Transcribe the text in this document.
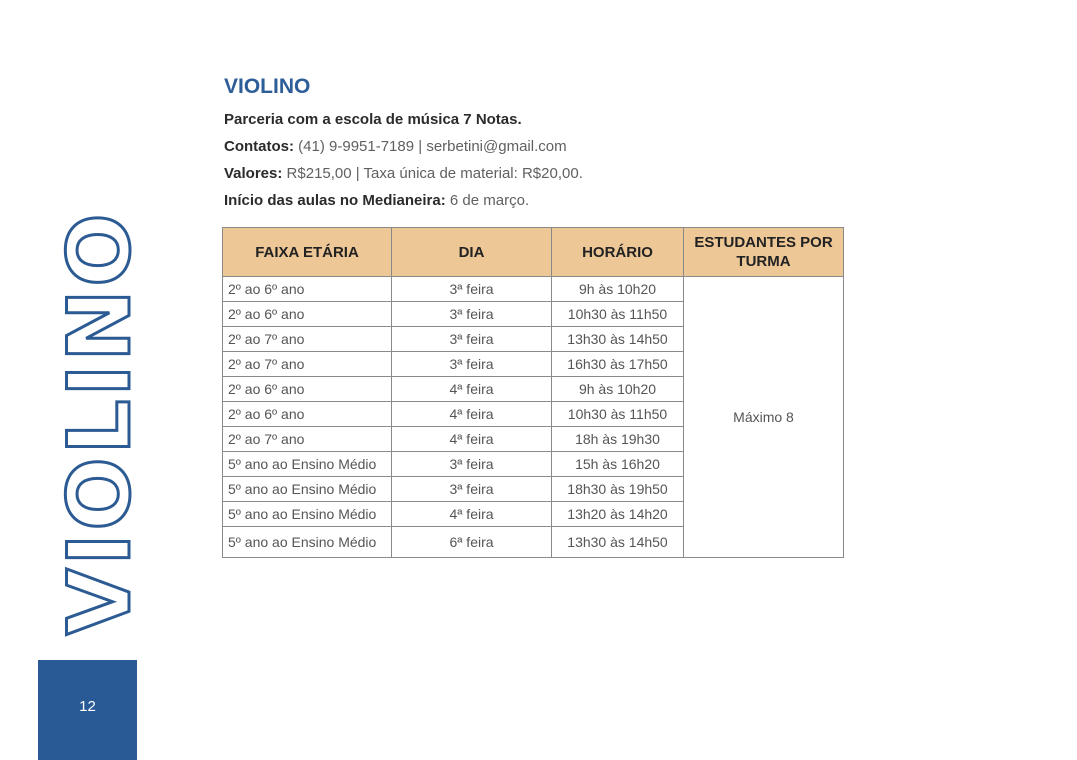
VIOLINO
12
VIOLINO

Parceria com a escola de música 7 Notas.

Contatos: (41) 9-9951-7189 | serbetini@gmail.com

Valores: R$215,00 | Taxa única de material: R$20,00.

Início das aulas no Medianeira: 6 de março.

FAIXA ETÁRIA	DIA	HORÁRIO	ESTUDANTES POR TURMA
2º ao 6º ano	3ª feira	9h às 10h20	Máximo 8
2º ao 6º ano	3ª feira	10h30 às 11h50	
2º ao 7º ano	3ª feira	13h30 às 14h50	
2º ao 7º ano	3ª feira	16h30 às 17h50	
2º ao 6º ano	4ª feira	9h às 10h20	
2º ao 6º ano	4ª feira	10h30 às 11h50	
2º ao 7º ano	4ª feira	18h às 19h30	
5º ano ao Ensino Médio	3ª feira	15h às 16h20	
5º ano ao Ensino Médio	3ª feira	18h30 às 19h50	
5º ano ao Ensino Médio	4ª feira	13h20 às 14h20	
5º ano ao Ensino Médio	6ª feira	13h30 às 14h50	
